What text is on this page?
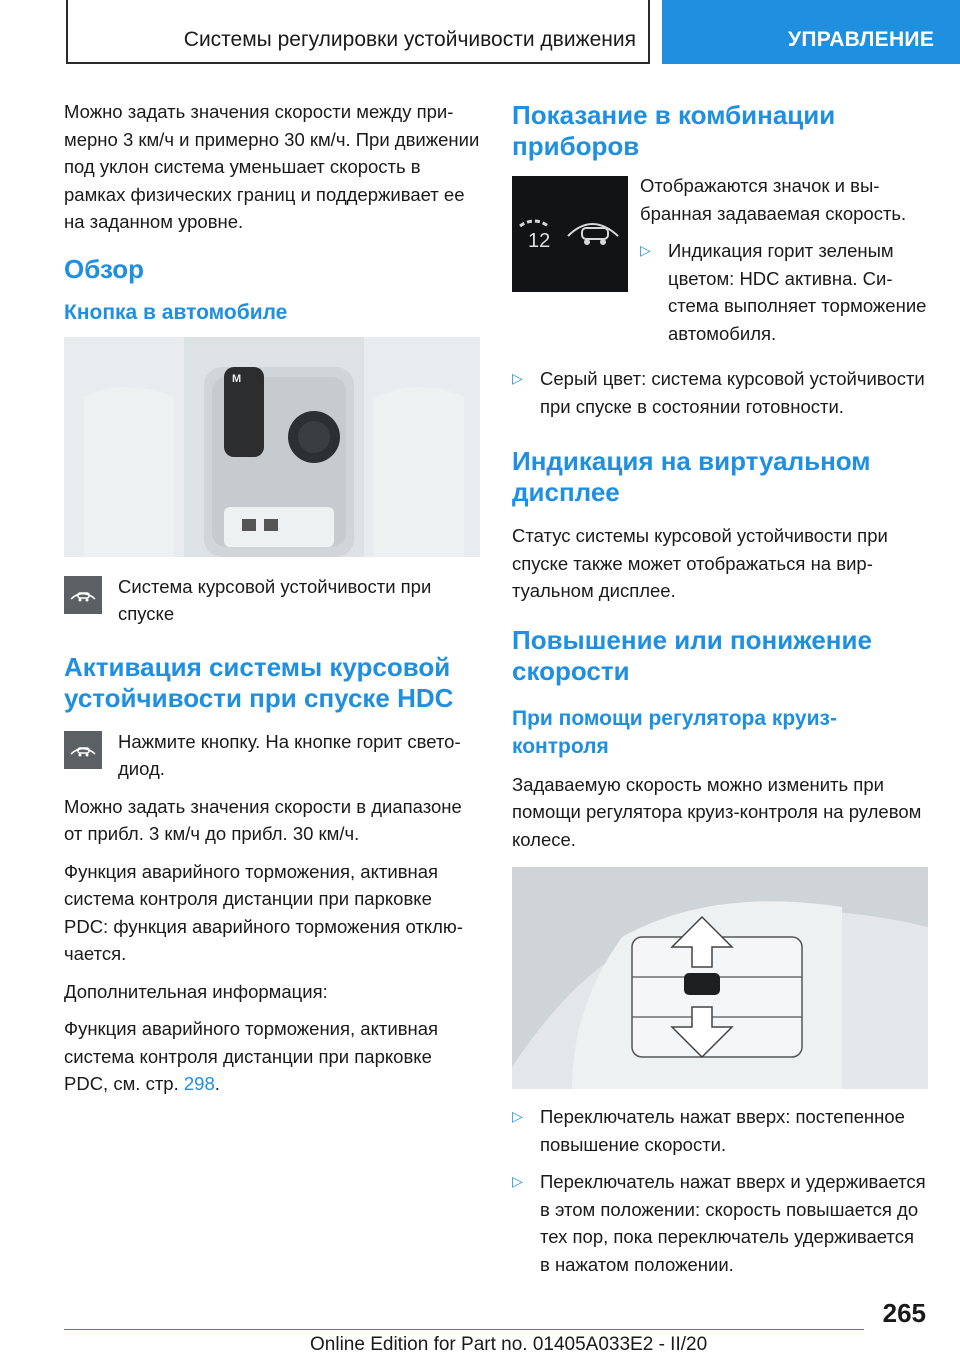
Системы регулировки устойчивости движения	УПРАВЛЕНИЕ

Можно задать значения скорости между примерно 3 км/ч и примерно 30 км/ч. При движении под уклон система уменьшает скорость в рамках физических границ и поддерживает ее на заданном уровне.

Обзор
Кнопка в автомобиле
M
Система курсовой устойчивости при спуске
Активация системы курсовой устойчивости при спуске HDC
Нажмите кнопку. На кнопке горит светодиод.

Можно задать значения скорости в диапазоне от прибл. 3 км/ч до прибл. 30 км/ч.

Функция аварийного торможения, активная система контроля дистанции при парковке PDC: функция аварийного торможения отключается.

Дополнительная информация:

Функция аварийного торможения, активная система контроля дистанции при парковке PDC, см. стр. 298.

Показание в комбинации приборов
12

Отображаются значок и выбранная задаваемая скорость.

▷ Индикация горит зеленым цветом: HDC активна. Система выполняет торможение автомобиля.
▷ Серый цвет: система курсовой устойчивости при спуске в состоянии готовности.
Индикация на виртуальном дисплее

Статус системы курсовой устойчивости при спуске также может отображаться на виртуальном дисплее.

Повышение или понижение скорости
При помощи регулятора круиз-контроля

Задаваемую скорость можно изменить при помощи регулятора круиз-контроля на рулевом колесе.

▷ Переключатель нажат вверх: постепенное повышение скорости.
▷ Переключатель нажат вверх и удерживается в этом положении: скорость повышается до тех пор, пока переключатель удерживается в нажатом положении.
265
Online Edition for Part no. 01405A033E2 - II/20
